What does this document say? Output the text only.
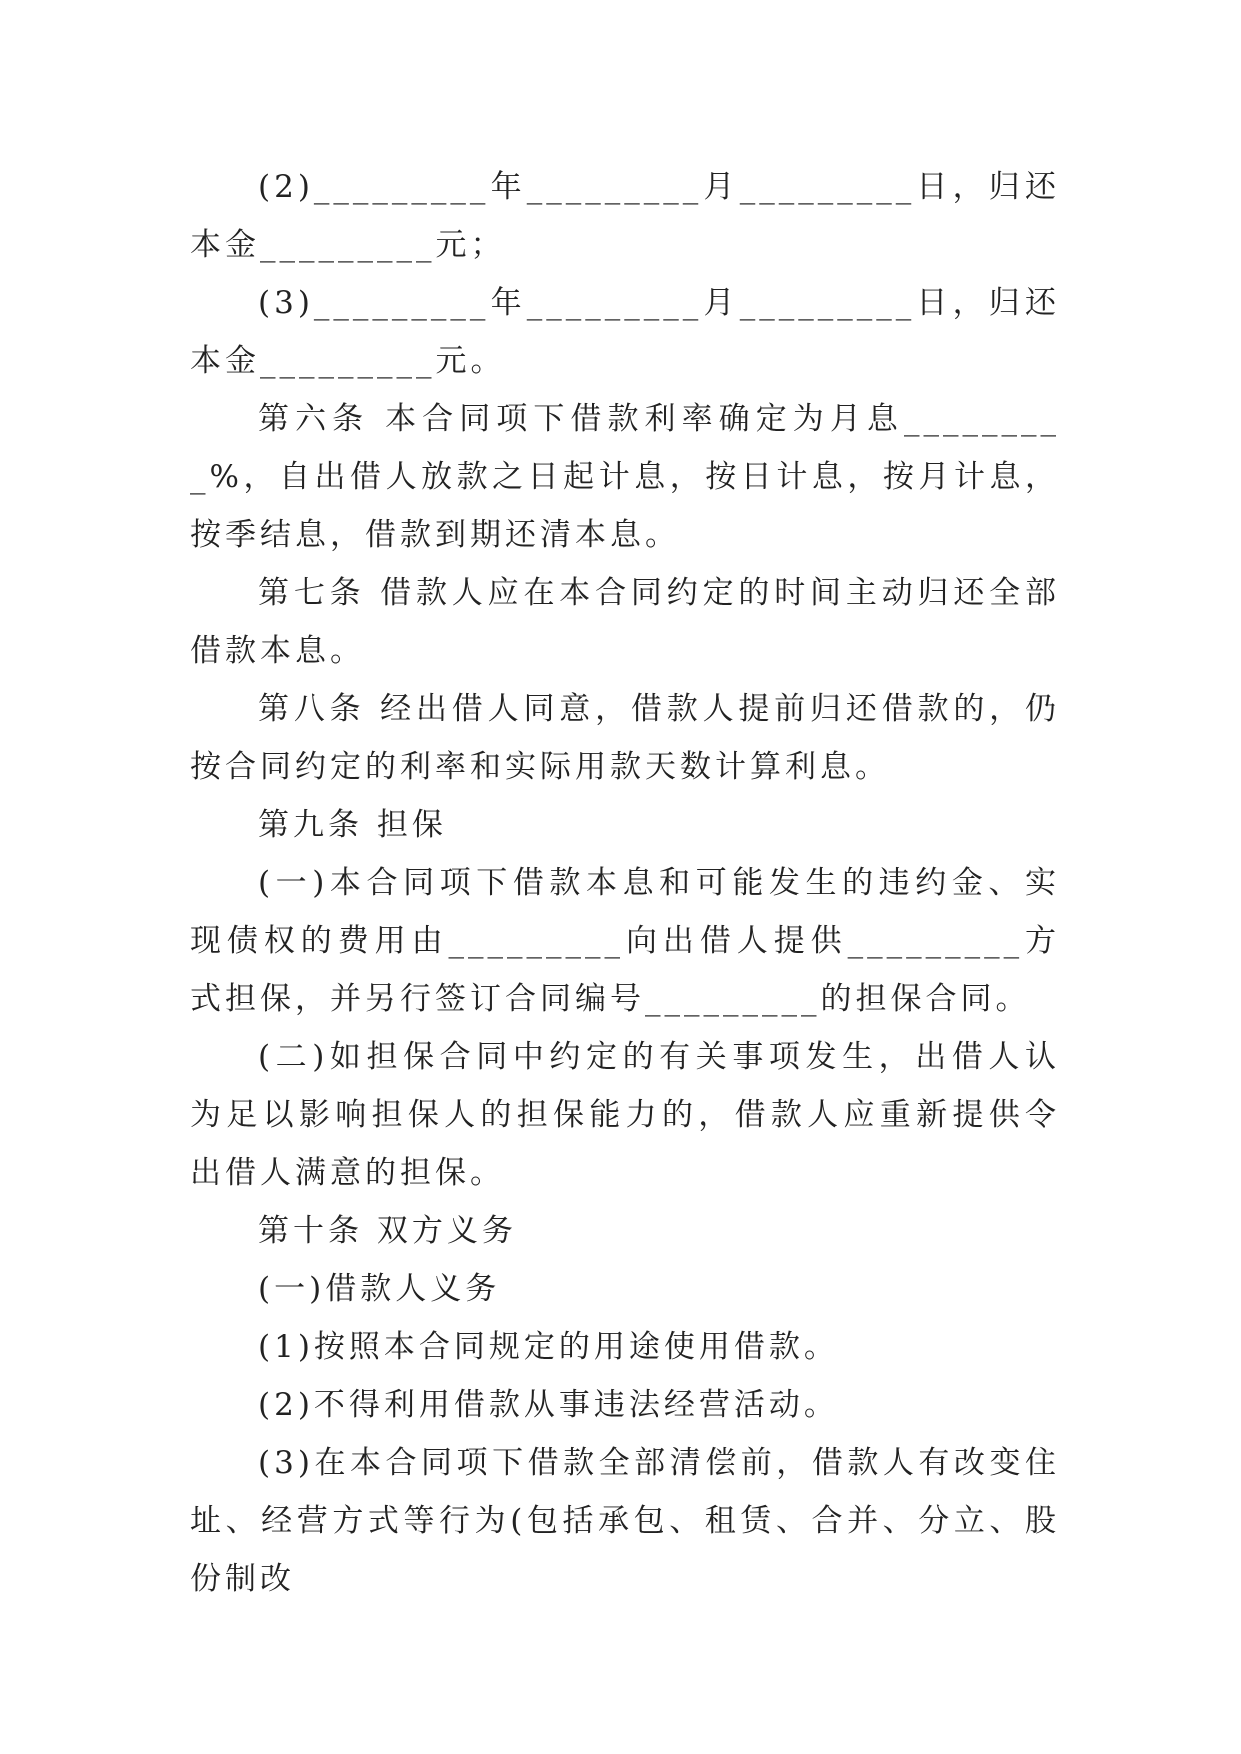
(2)_________年_________月_________日，归还本金_________元；

(3)_________年_________月_________日，归还本金_________元。

第六条 本合同项下借款利率确定为月息_________%，自出借人放款之日起计息，按日计息，按月计息，按季结息，借款到期还清本息。

第七条 借款人应在本合同约定的时间主动归还全部借款本息。

第八条 经出借人同意，借款人提前归还借款的，仍按合同约定的利率和实际用款天数计算利息。

第九条 担保

(一)本合同项下借款本息和可能发生的违约金、实现债权的费用由_________向出借人提供_________方式担保，并另行签订合同编号_________的担保合同。

(二)如担保合同中约定的有关事项发生，出借人认为足以影响担保人的担保能力的，借款人应重新提供令出借人满意的担保。

第十条 双方义务

(一)借款人义务

(1)按照本合同规定的用途使用借款。

(2)不得利用借款从事违法经营活动。

(3)在本合同项下借款全部清偿前，借款人有改变住址、经营方式等行为(包括承包、租赁、合并、分立、股份制改
